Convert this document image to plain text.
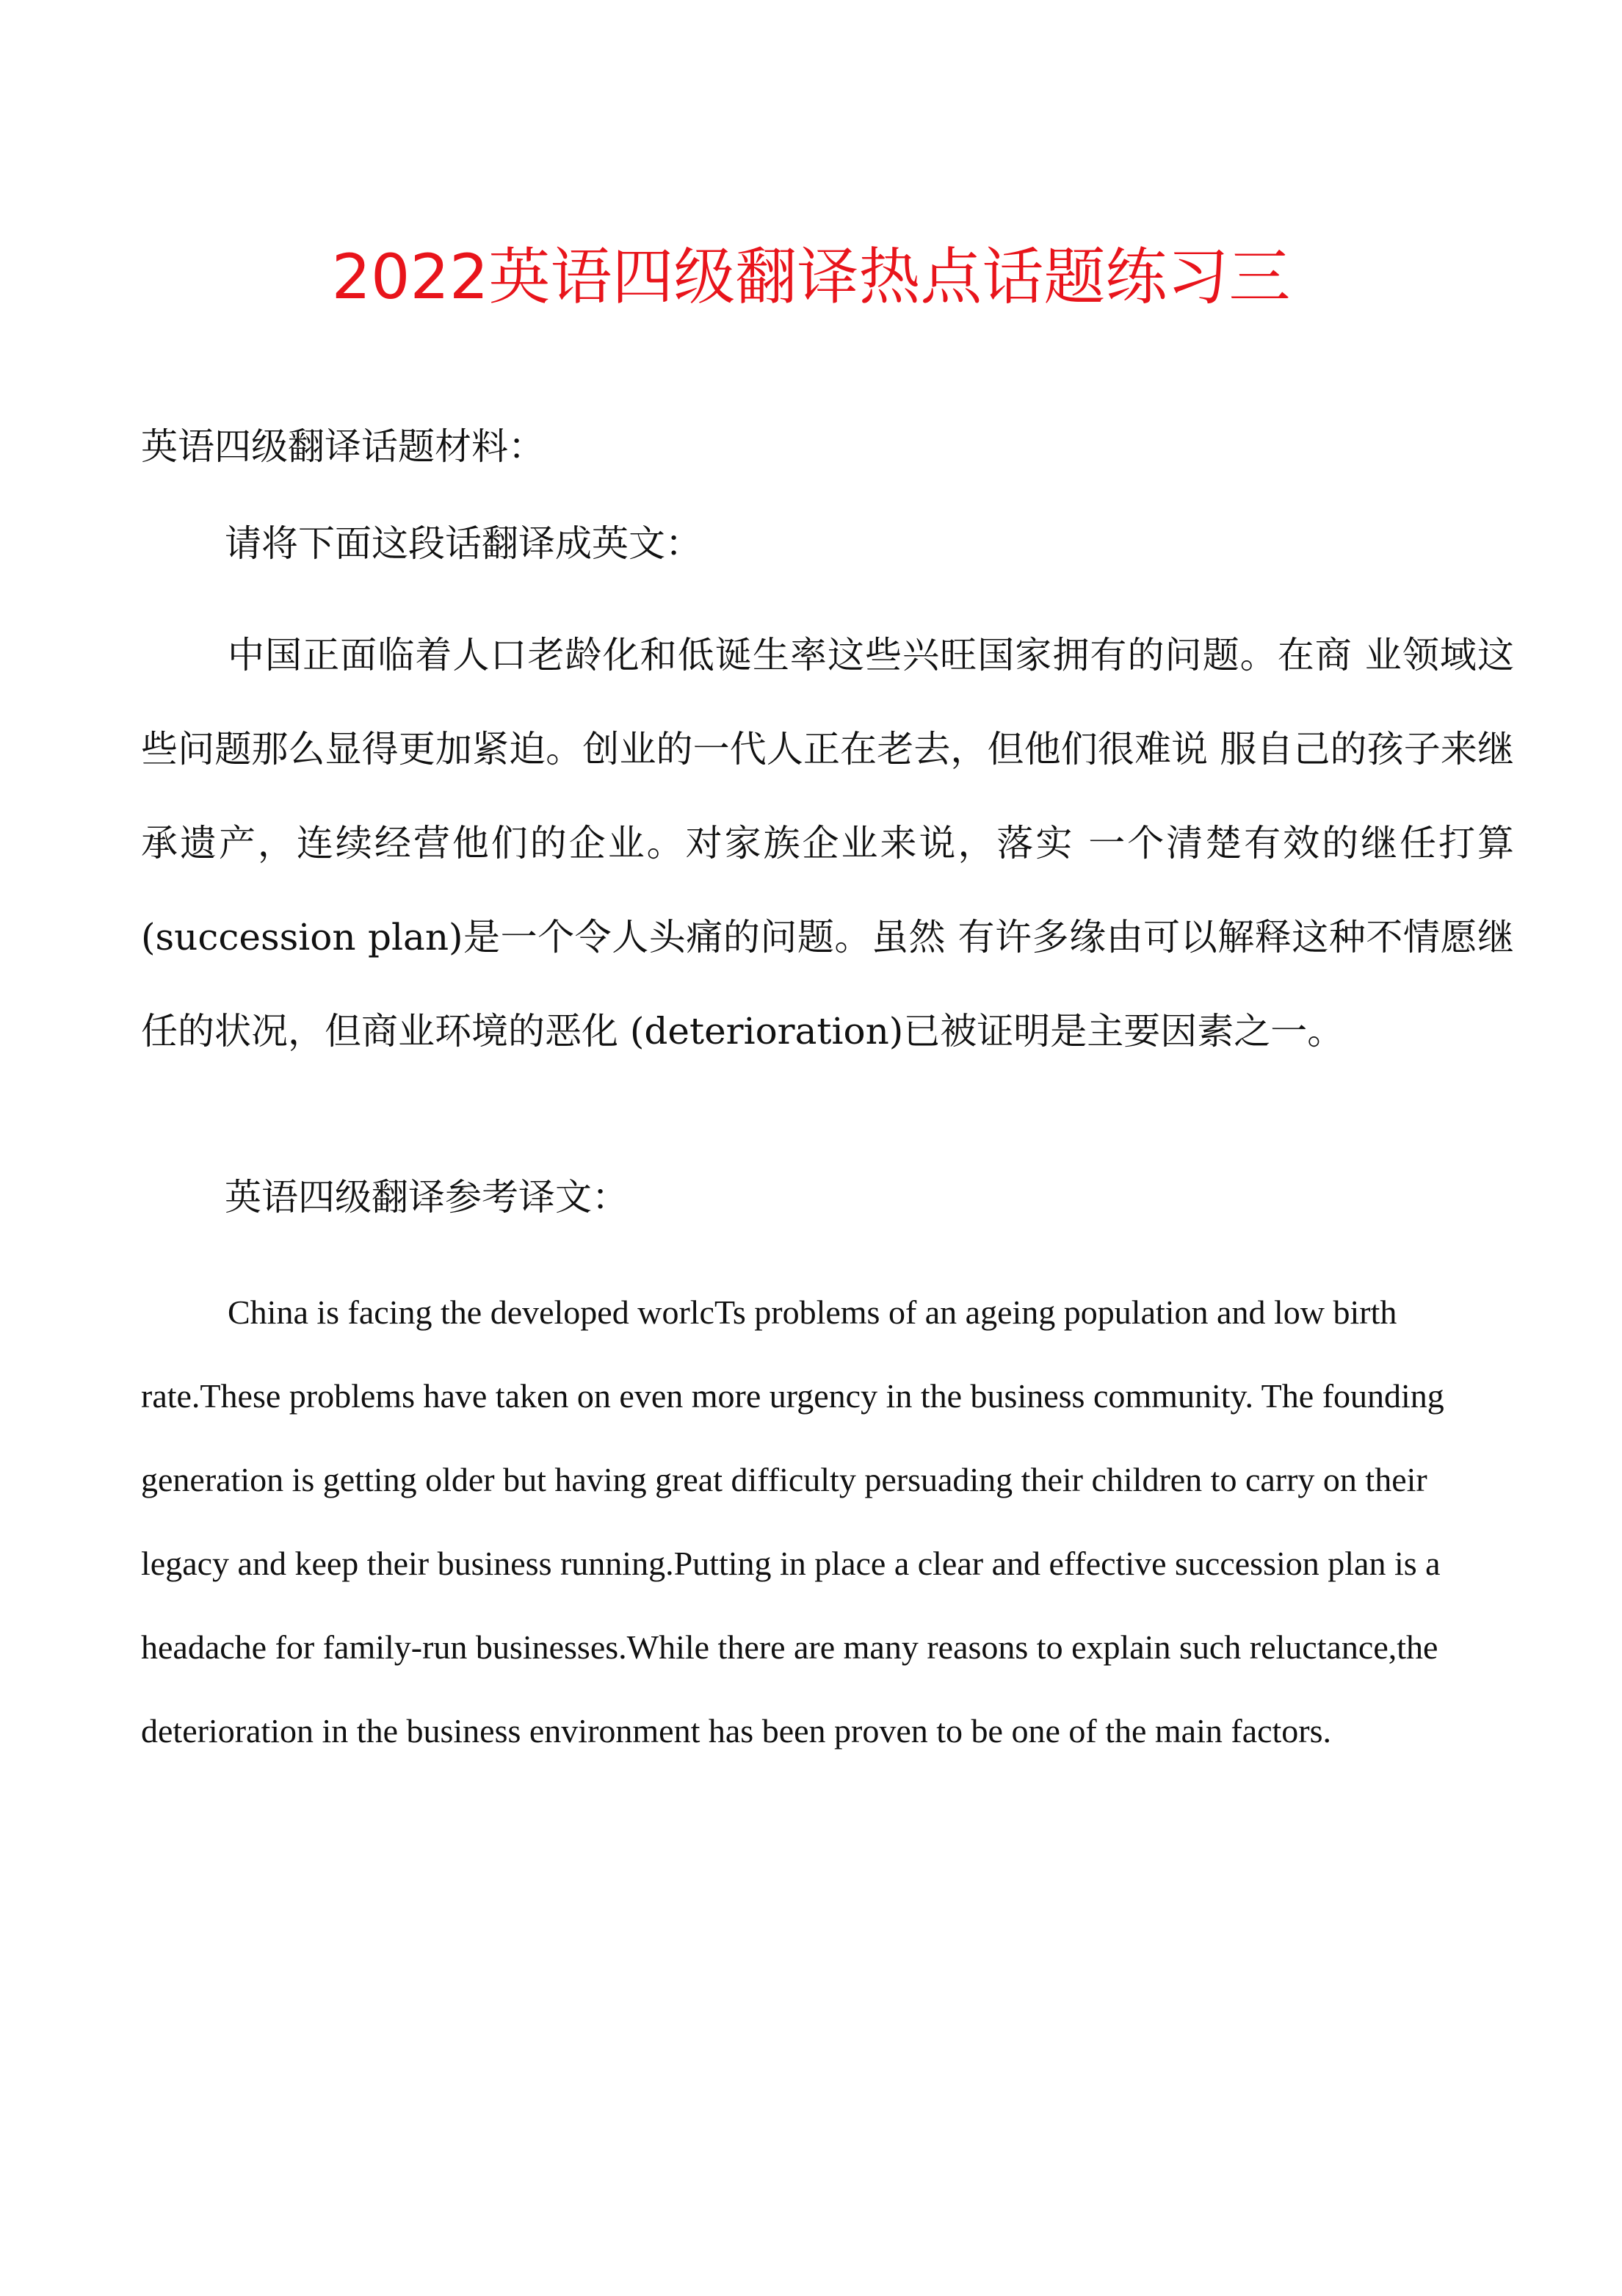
2022英语四级翻译热点话题练习三

英语四级翻译话题材料：

请将下面这段话翻译成英文：

中国正面临着人口老龄化和低诞生率这些兴旺国家拥有的问题。在商 业领域这些问题那么显得更加紧迫。创业的一代人正在老去，但他们很难说 服自己的孩子来继承遗产，连续经营他们的企业。对家族企业来说，落实 一个清楚有效的继任打算(succession plan)是一个令人头痛的问题。虽然 有许多缘由可以解释这种不情愿继任的状况，但商业环境的恶化 (deterioration)已被证明是主要因素之一。

英语四级翻译参考译文：

China is facing the developed worlcTs problems of an ageing population and low birth rate.These problems have taken on even more urgency in the business community. The founding generation is getting older but having great difficulty persuading their children to carry on their legacy and keep their business running.Putting in place a clear and effective succession plan is a headache for family-run businesses.While there are many reasons to explain such reluctance,the deterioration in the business environment has been proven to be one of the main factors.
